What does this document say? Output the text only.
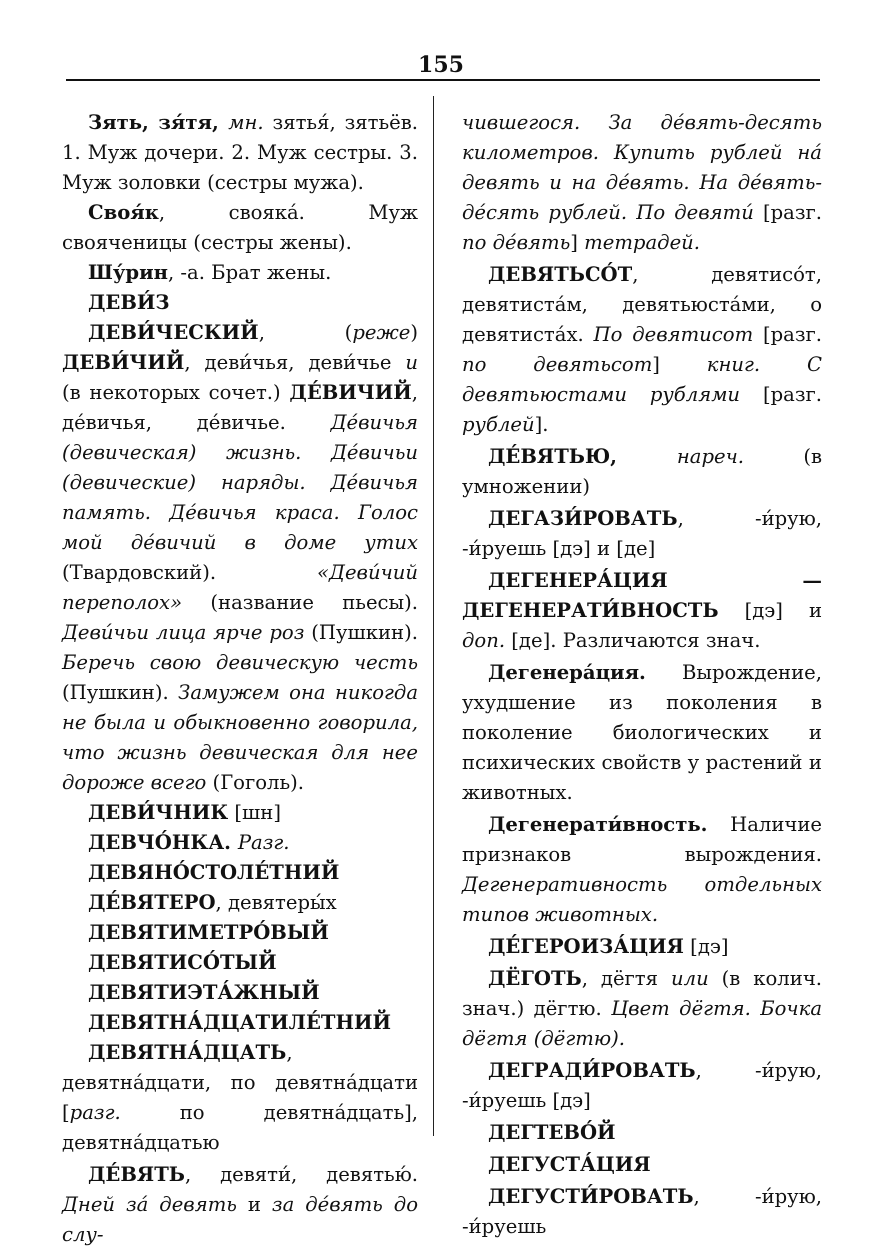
155

Зять, зя́тя, мн. зятья́, зятьёв. 1. Муж дочери. 2. Муж сестры. 3. Муж золовки (сестры мужа).

Своя́к, свояка́. Муж свояченицы (сестры жены).

Шу́рин, -а. Брат жены.

ДЕВИ́З

ДЕВИ́ЧЕСКИЙ, (реже) ДЕВИ́ЧИЙ, деви́чья, деви́чье и (в некоторых сочет.) ДЕ́ВИЧИЙ, де́вичья, де́вичье. Де́вичья (девическая) жизнь. Де́вичьи (девические) наряды. Де́вичья память. Де́вичья краса. Голос мой де́вичий в доме утих (Твардовский). «Деви́чий переполох» (название пьесы). Деви́чьи лица ярче роз (Пушкин). Беречь свою девическую честь (Пушкин). Замужем она никогда не была и обыкновенно говорила, что жизнь девическая для нее дороже всего (Гоголь).

ДЕВИ́ЧНИК [шн]

ДЕВЧО́НКА. Разг.

ДЕВЯНО́СТОЛЕ́ТНИЙ

ДЕ́ВЯТЕРО, девятеры́х

ДЕВЯТИМЕТРО́ВЫЙ

ДЕВЯТИСО́ТЫЙ

ДЕВЯТИЭТА́ЖНЫЙ

ДЕВЯТНА́ДЦАТИЛЕ́ТНИЙ

ДЕВЯТНА́ДЦАТЬ, девятна́дцати, по девятна́дцати [разг. по девятна́дцать], девятна́дцатью

ДЕ́ВЯТЬ, девяти́, девятью́. Дней за́ девять и за де́вять до слу-

чившегося. За де́вять-десять километров. Купить рублей на́ девять и на де́вять. На де́вять-де́сять рублей. По девяти́ [разг. по де́вять] тетрадей.

ДЕВЯТЬСО́Т, девятисо́т, девятиста́м, девятьюста́ми, о девятиста́х. По девятисот [разг. по девятьсот] книг. С девятьюстами рублями [разг. рублей].

ДЕ́ВЯТЬЮ, нареч. (в умножении)

ДЕГАЗИ́РОВАТЬ, -и́рую, -и́руешь [дэ] и [де]

ДЕГЕНЕРА́ЦИЯ — ДЕГЕНЕРАТИ́ВНОСТЬ [дэ] и доп. [де]. Различаются знач.

Дегенера́ция. Вырождение, ухудшение из поколения в поколение биологических и психических свойств у растений и животных.

Дегенерати́вность. Наличие признаков вырождения. Дегенеративность отдельных типов животных.

ДЕ́ГЕРОИЗА́ЦИЯ [дэ]

ДЁГОТЬ, дёгтя или (в колич. знач.) дёгтю. Цвет дёгтя. Бочка дёгтя (дёгтю).

ДЕГРАДИ́РОВАТЬ, -и́рую, -и́руешь [дэ]

ДЕГТЕВО́Й

ДЕГУСТА́ЦИЯ

ДЕГУСТИ́РОВАТЬ, -и́рую, -и́руешь
